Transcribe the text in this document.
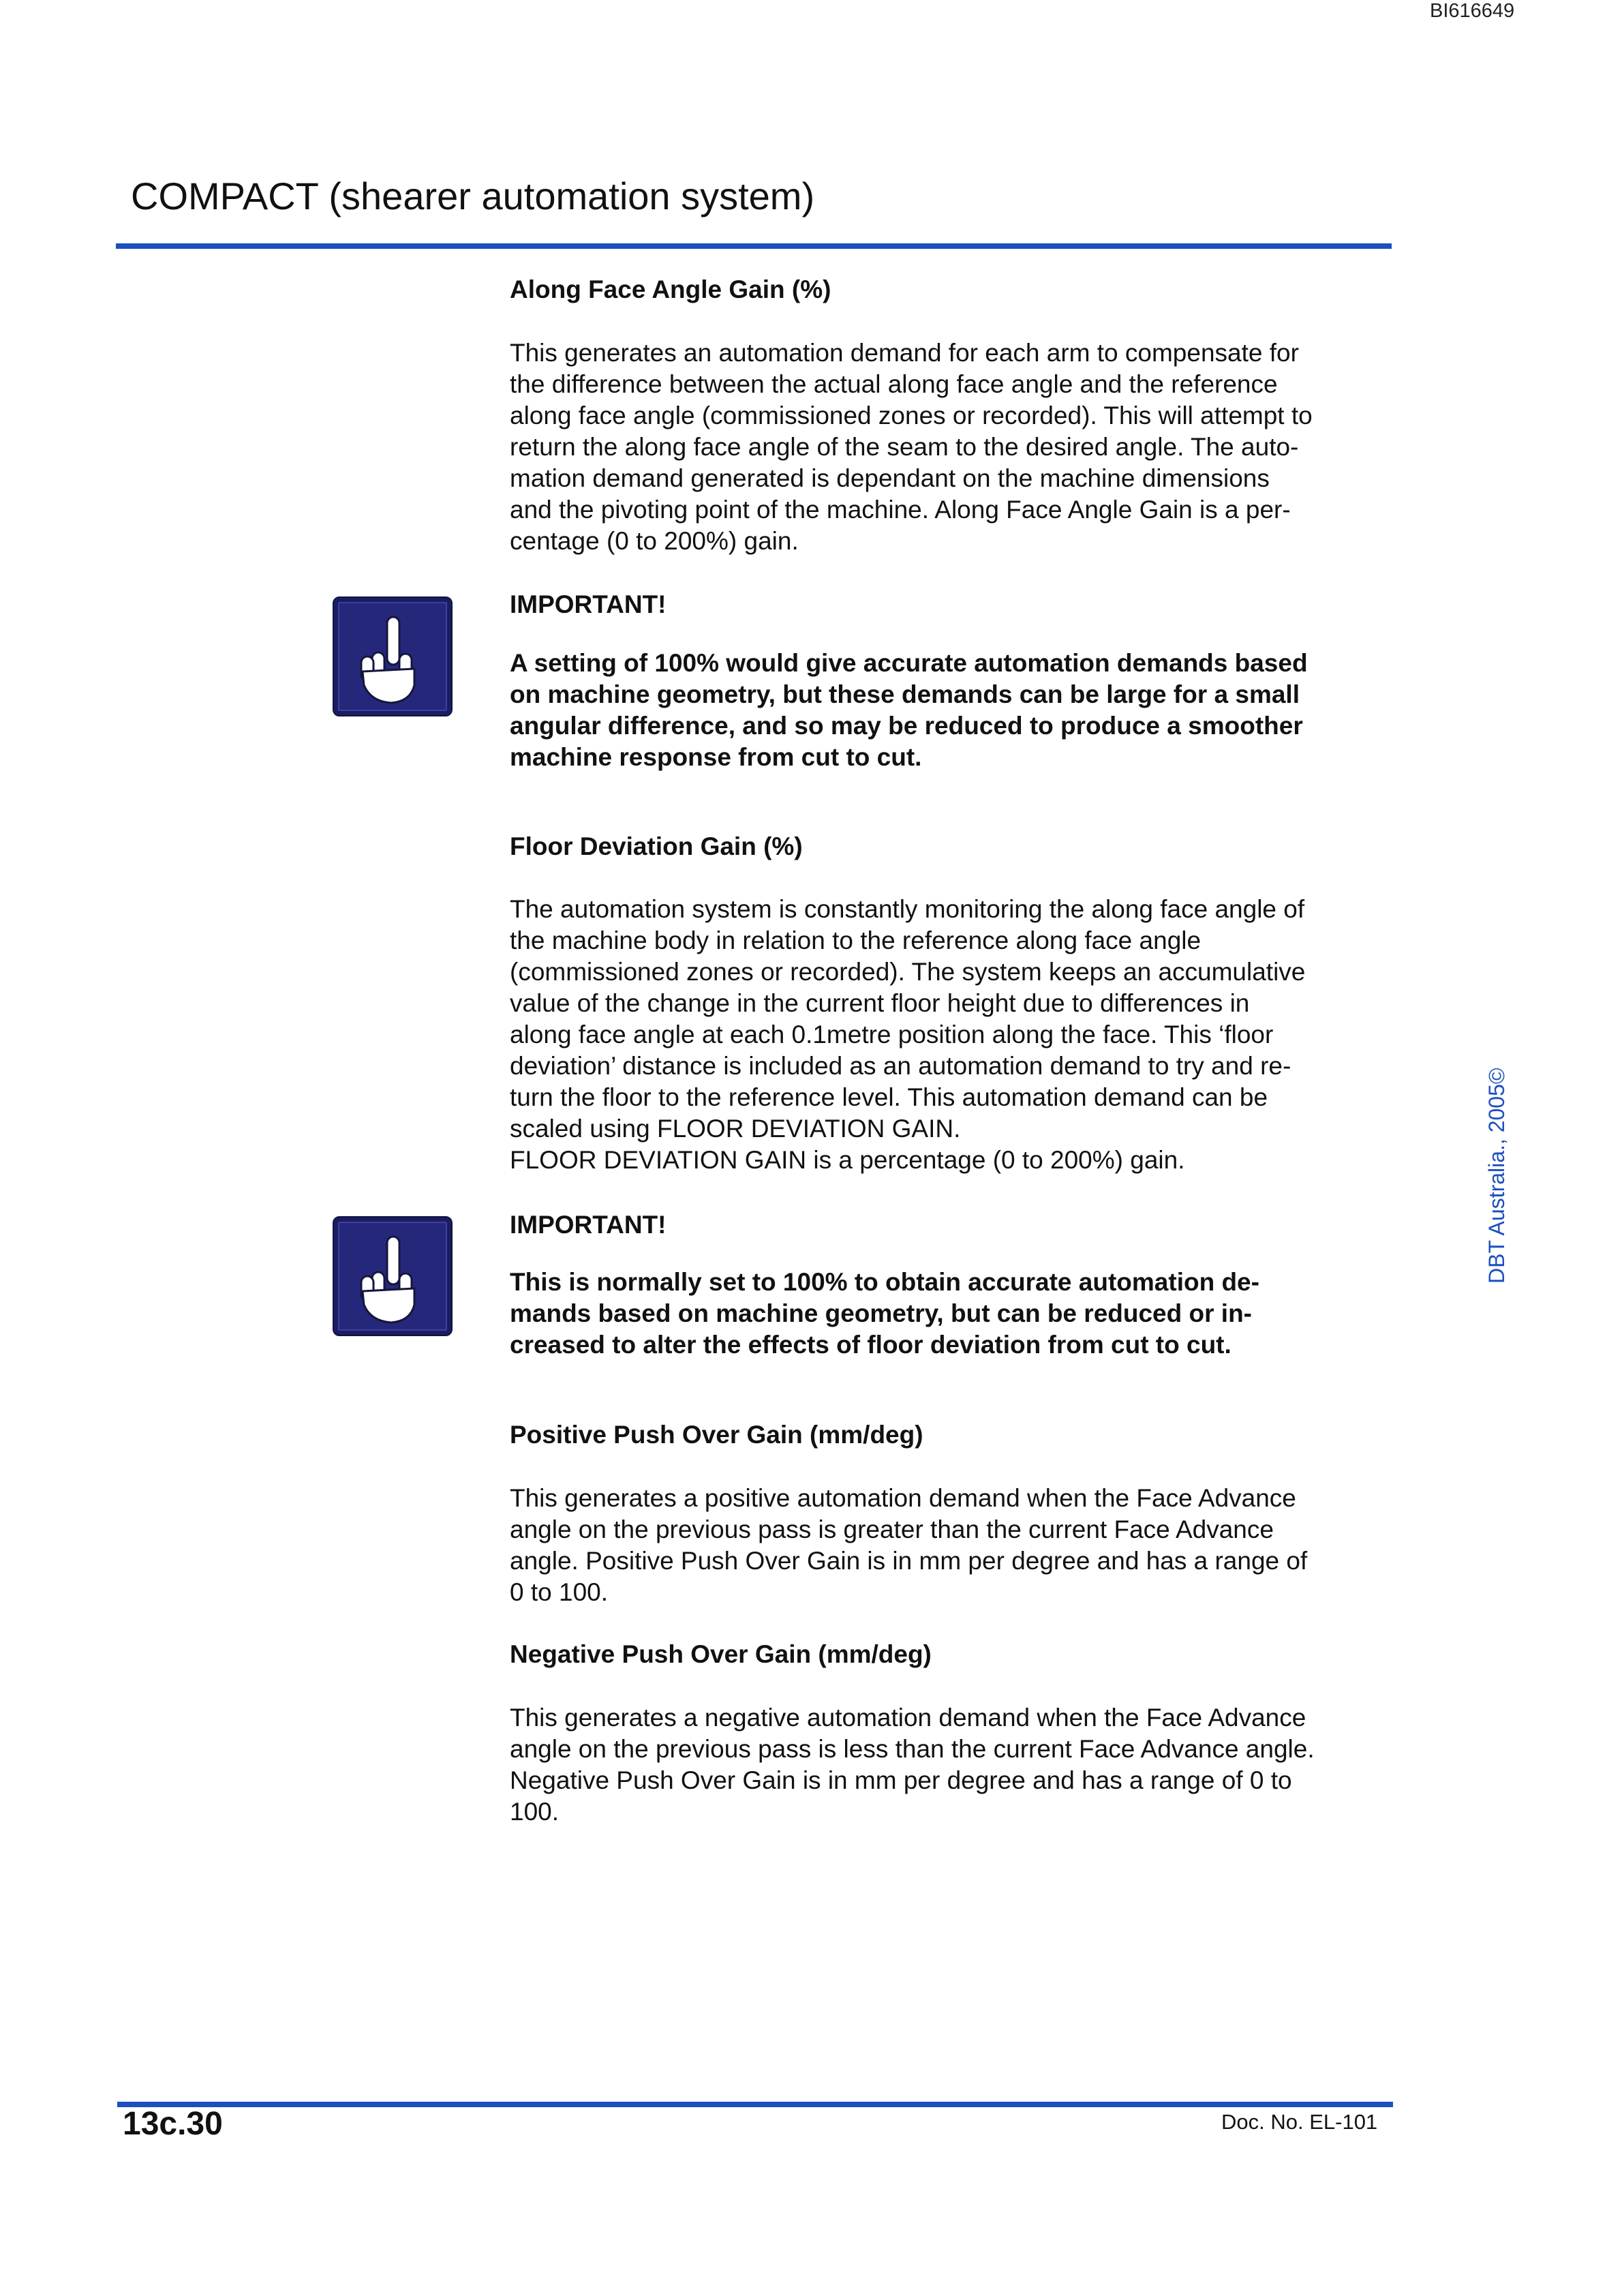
BI616649
COMPACT (shearer automation system)
Along Face Angle Gain (%)
This generates an automation demand for each arm to compensate for
the difference between the actual along face angle and the reference
along face angle (commissioned zones or recorded). This will attempt to
return the along face angle of the seam to the desired angle. The auto-
mation demand generated is dependant on the machine dimensions
and the pivoting point of the machine. Along Face Angle Gain is a per-
centage (0 to 200%) gain.
IMPORTANT!
A setting of 100% would give accurate automation demands based
on machine geometry, but these demands can be large for a small
angular difference, and so may be reduced to produce a smoother
machine response from cut to cut.
Floor Deviation Gain (%)
The automation system is constantly monitoring the along face angle of
the machine body in relation to the reference along face angle
(commissioned zones or recorded). The system keeps an accumulative
value of the change in the current floor height due to differences in
along face angle at each 0.1metre position along the face. This ‘floor
deviation’ distance is included as an automation demand to try and re-
turn the floor to the reference level. This automation demand can be
scaled using FLOOR DEVIATION GAIN.
FLOOR DEVIATION GAIN is a percentage (0 to 200%) gain.
IMPORTANT!
This is normally set to 100% to obtain accurate automation de-
mands based on machine geometry, but can be reduced or in-
creased to alter the effects of floor deviation from cut to cut.
Positive Push Over Gain (mm/deg)
This generates a positive automation demand when the Face Advance
angle on the previous pass is greater than the current Face Advance
angle. Positive Push Over Gain is in mm per degree and has a range of
0 to 100.
Negative Push Over Gain (mm/deg)
This generates a negative automation demand when the Face Advance
angle on the previous pass is less than the current Face Advance angle.
Negative Push Over Gain is in mm per degree and has a range of 0 to
100.
DBT Australia., 2005©
13c.30	Doc. No. EL-101
